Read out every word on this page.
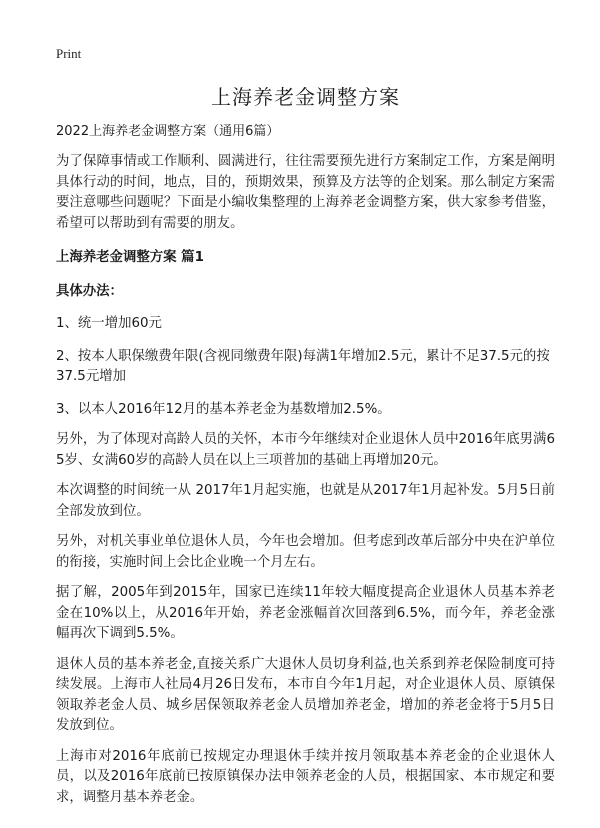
Print
上海养老金调整方案

2022上海养老金调整方案（通用6篇）

为了保障事情或工作顺利、圆满进行，往往需要预先进行方案制定工作，方案是阐明具体行动的时间，地点，目的，预期效果，预算及方法等的企划案。那么制定方案需要注意哪些问题呢？下面是小编收集整理的上海养老金调整方案，供大家参考借鉴，希望可以帮助到有需要的朋友。

上海养老金调整方案 篇1
具体办法：
1、统一增加60元
2、按本人职保缴费年限(含视同缴费年限)每满1年增加2.5元，累计不足37.5元的按37.5元增加
3、以本人2016年12月的基本养老金为基数增加2.5%。

另外，为了体现对高龄人员的关怀，本市今年继续对企业退休人员中2016年底男满65岁、女满60岁的高龄人员在以上三项普加的基础上再增加20元。

本次调整的时间统一从 2017年1月起实施，也就是从2017年1月起补发。5月5日前全部发放到位。

另外，对机关事业单位退休人员，今年也会增加。但考虑到改革后部分中央在沪单位的衔接，实施时间上会比企业晚一个月左右。

据了解，2005年到2015年，国家已连续11年较大幅度提高企业退休人员基本养老金在10%以上，从2016年开始，养老金涨幅首次回落到6.5%，而今年，养老金涨幅再次下调到5.5%。

退休人员的基本养老金,直接关系广大退休人员切身利益,也关系到养老保险制度可持续发展。上海市人社局4月26日发布，本市自今年1月起，对企业退休人员、原镇保领取养老金人员、城乡居保领取养老金人员增加养老金，增加的养老金将于5月5日发放到位。

上海市对2016年底前已按规定办理退休手续并按月领取基本养老金的企业退休人员，以及2016年底前已按原镇保办法申领养老金的人员，根据国家、本市规定和要求，调整月基本养老金。
